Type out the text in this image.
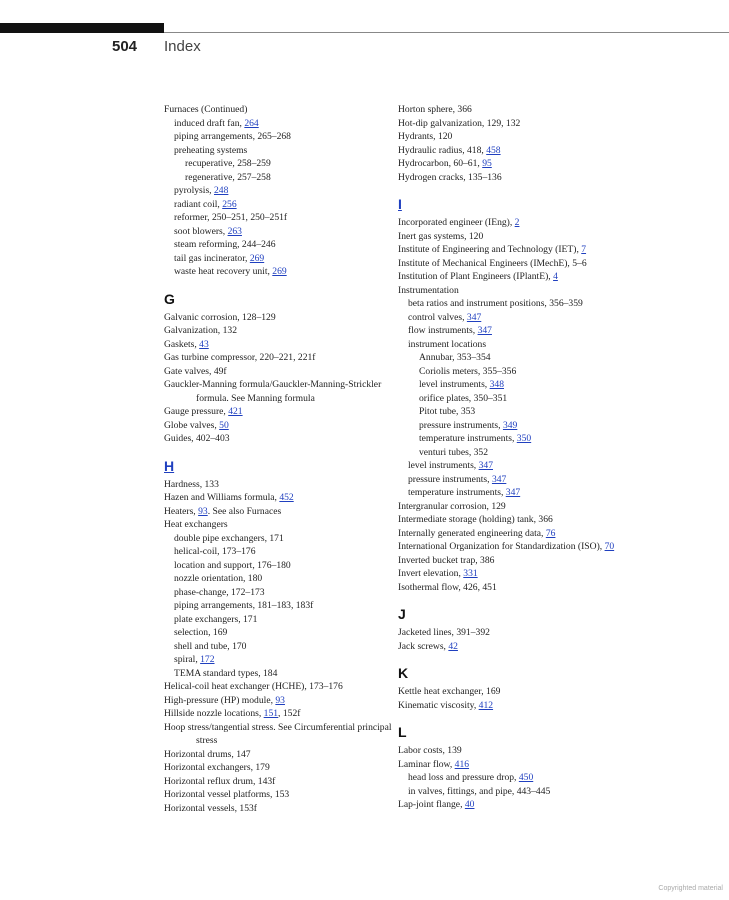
504 Index
Furnaces (Continued)
induced draft fan, 264
piping arrangements, 265–268
preheating systems
recuperative, 258–259
regenerative, 257–258
pyrolysis, 248
radiant coil, 256
reformer, 250–251, 250–251f
soot blowers, 263
steam reforming, 244–246
tail gas incinerator, 269
waste heat recovery unit, 269
G
Galvanic corrosion, 128–129
Galvanization, 132
Gaskets, 43
Gas turbine compressor, 220–221, 221f
Gate valves, 49f
Gauckler-Manning formula/Gauckler-Manning-Strickler formula. See Manning formula
Gauge pressure, 421
Globe valves, 50
Guides, 402–403
H
Hardness, 133
Hazen and Williams formula, 452
Heaters, 93. See also Furnaces
Heat exchangers
double pipe exchangers, 171
helical-coil, 173–176
location and support, 176–180
nozzle orientation, 180
phase-change, 172–173
piping arrangements, 181–183, 183f
plate exchangers, 171
selection, 169
shell and tube, 170
spiral, 172
TEMA standard types, 184
Helical-coil heat exchanger (HCHE), 173–176
High-pressure (HP) module, 93
Hillside nozzle locations, 151, 152f
Hoop stress/tangential stress. See Circumferential principal stress
Horizontal drums, 147
Horizontal exchangers, 179
Horizontal reflux drum, 143f
Horizontal vessel platforms, 153
Horizontal vessels, 153f
Horton sphere, 366
Hot-dip galvanization, 129, 132
Hydrants, 120
Hydraulic radius, 418, 458
Hydrocarbon, 60–61, 95
Hydrogen cracks, 135–136
I
Incorporated engineer (IEng), 2
Inert gas systems, 120
Institute of Engineering and Technology (IET), 7
Institute of Mechanical Engineers (IMechE), 5–6
Institution of Plant Engineers (IPlantE), 4
Instrumentation
beta ratios and instrument positions, 356–359
control valves, 347
flow instruments, 347
instrument locations
Annubar, 353–354
Coriolis meters, 355–356
level instruments, 348
orifice plates, 350–351
Pitot tube, 353
pressure instruments, 349
temperature instruments, 350
venturi tubes, 352
level instruments, 347
pressure instruments, 347
temperature instruments, 347
Intergranular corrosion, 129
Intermediate storage (holding) tank, 366
Internally generated engineering data, 76
International Organization for Standardization (ISO), 70
Inverted bucket trap, 386
Invert elevation, 331
Isothermal flow, 426, 451
J
Jacketed lines, 391–392
Jack screws, 42
K
Kettle heat exchanger, 169
Kinematic viscosity, 412
L
Labor costs, 139
Laminar flow, 416
head loss and pressure drop, 450
in valves, fittings, and pipe, 443–445
Lap-joint flange, 40
Copyrighted material
